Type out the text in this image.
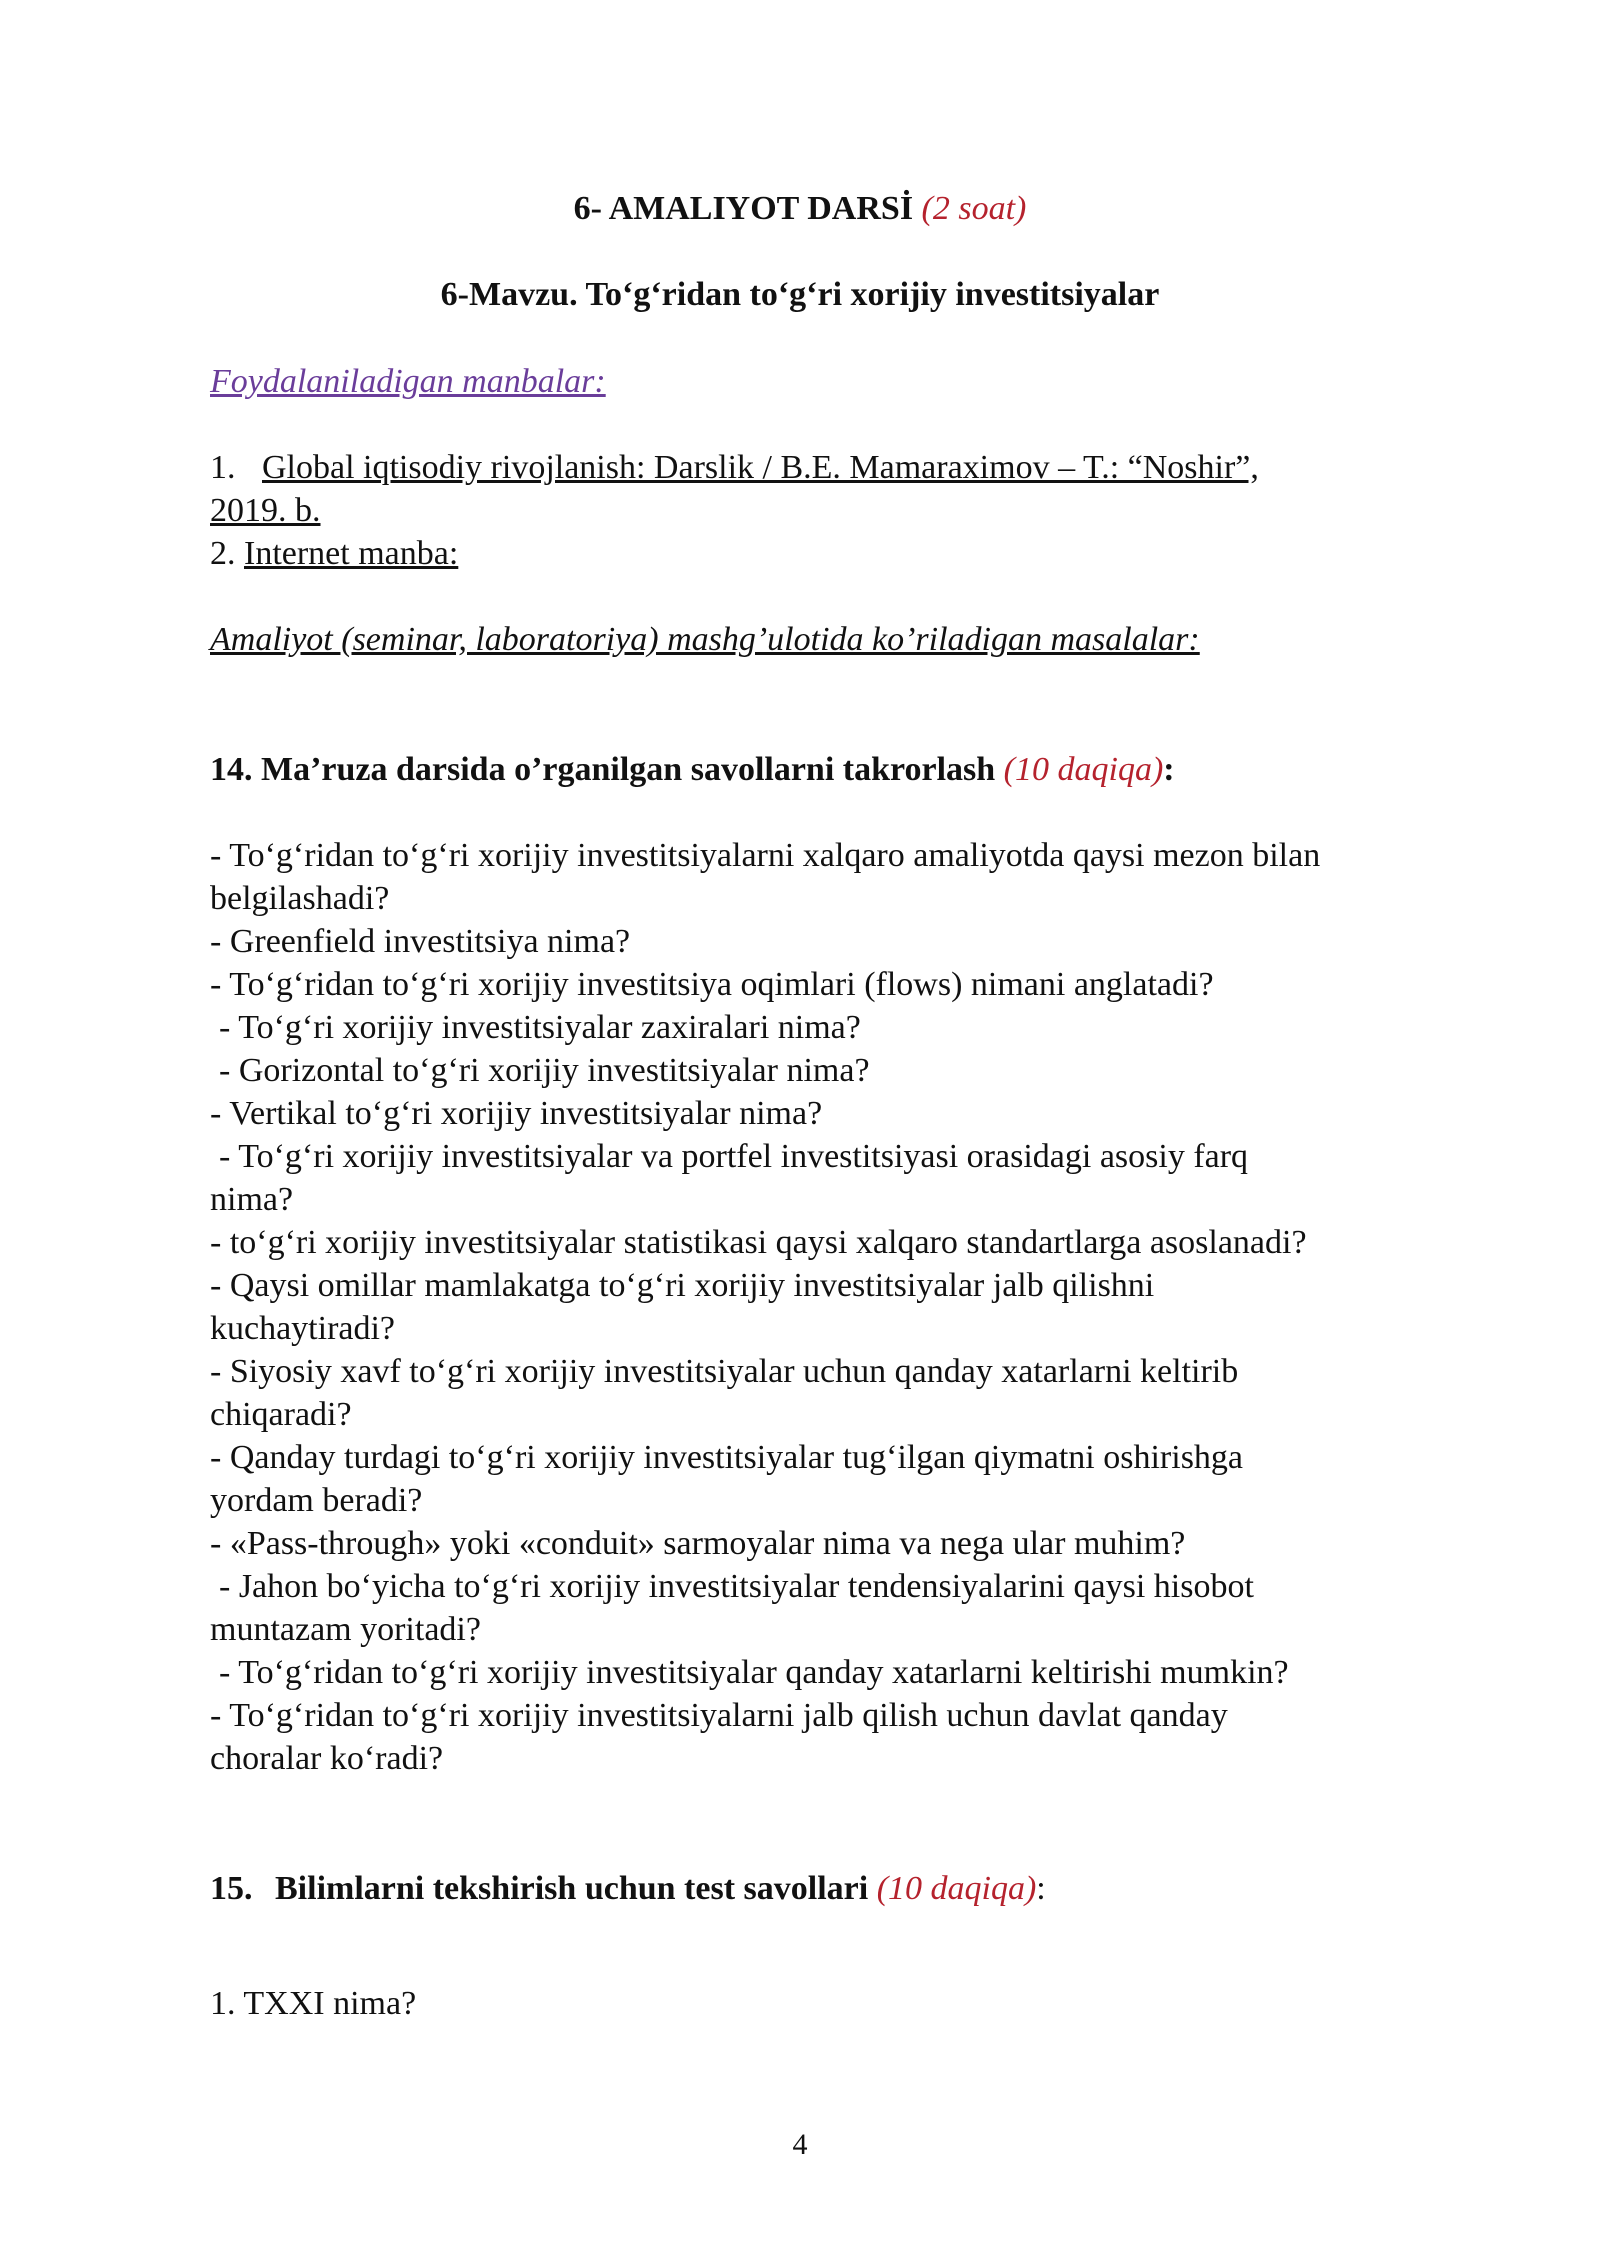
6- AMALIYOT DARSİ (2 soat)
6-Mavzu. To‘g‘ridan to‘g‘ri xorijiy investitsiyalar
Foydalaniladigan manbalar:
1. Global iqtisodiy rivojlanish: Darslik / B.E. Mamaraximov – T.: “Noshir”,
2019. b.
2. Internet manba:
Amaliyot (seminar, laboratoriya) mashg’ulotida ko’riladigan masalalar:
14. Ma’ruza darsida o’rganilgan savollarni takrorlash (10 daqiqa):
- To‘g‘ridan to‘g‘ri xorijiy investitsiyalarni xalqaro amaliyotda qaysi mezon bilan
belgilashadi?
- Greenfield investitsiya nima?
- To‘g‘ridan to‘g‘ri xorijiy investitsiya oqimlari (flows) nimani anglatadi?
- To‘g‘ri xorijiy investitsiyalar zaxiralari nima?
- Gorizontal to‘g‘ri xorijiy investitsiyalar nima?
- Vertikal to‘g‘ri xorijiy investitsiyalar nima?
- To‘g‘ri xorijiy investitsiyalar va portfel investitsiyasi orasidagi asosiy farq
nima?
- to‘g‘ri xorijiy investitsiyalar statistikasi qaysi xalqaro standartlarga asoslanadi?
- Qaysi omillar mamlakatga to‘g‘ri xorijiy investitsiyalar jalb qilishni
kuchaytiradi?
- Siyosiy xavf to‘g‘ri xorijiy investitsiyalar uchun qanday xatarlarni keltirib
chiqaradi?
- Qanday turdagi to‘g‘ri xorijiy investitsiyalar tug‘ilgan qiymatni oshirishga
yordam beradi?
- «Pass-through» yoki «conduit» sarmoyalar nima va nega ular muhim?
- Jahon bo‘yicha to‘g‘ri xorijiy investitsiyalar tendensiyalarini qaysi hisobot
muntazam yoritadi?
- To‘g‘ridan to‘g‘ri xorijiy investitsiyalar qanday xatarlarni keltirishi mumkin?
- To‘g‘ridan to‘g‘ri xorijiy investitsiyalarni jalb qilish uchun davlat qanday
choralar ko‘radi?
15. Bilimlarni tekshirish uchun test savollari (10 daqiqa):
1. TXXI nima?
4
